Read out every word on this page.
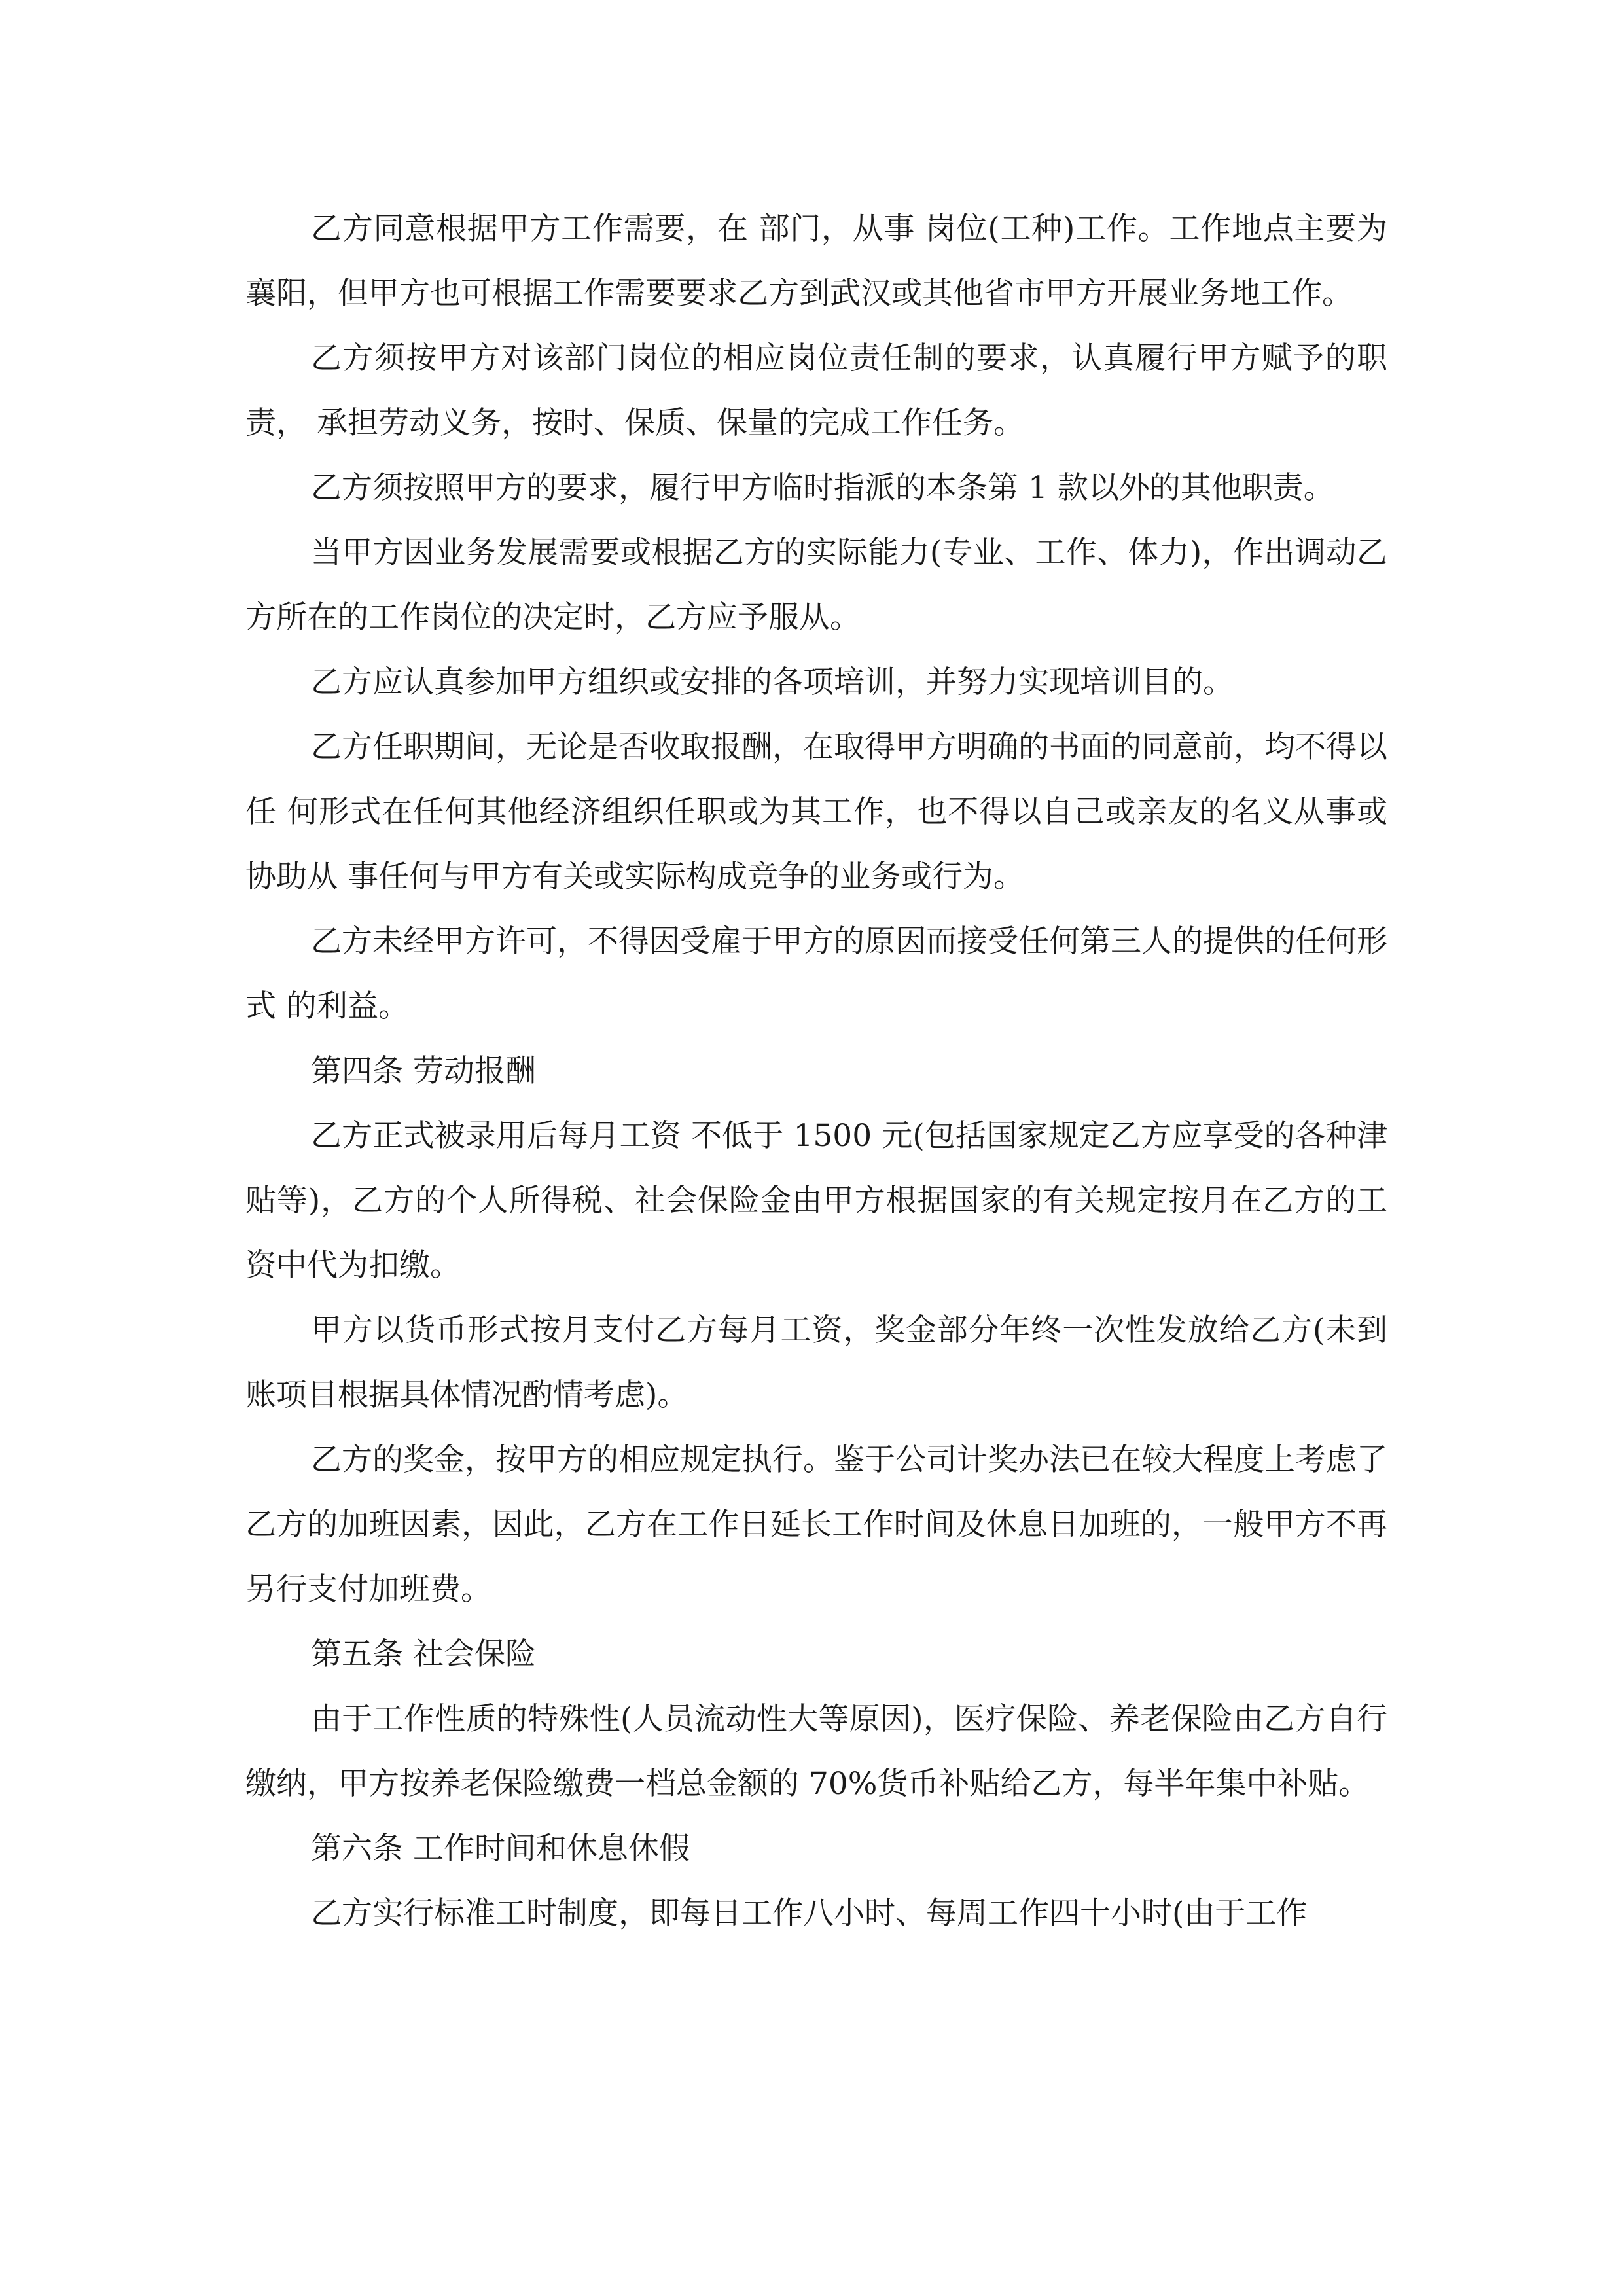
乙方同意根据甲方工作需要，在 部门，从事 岗位(工种)工作。工作地点主要为襄阳，但甲方也可根据工作需要要求乙方到武汉或其他省市甲方开展业务地工作。

乙方须按甲方对该部门岗位的相应岗位责任制的要求，认真履行甲方赋予的职责， 承担劳动义务，按时、保质、保量的完成工作任务。

乙方须按照甲方的要求，履行甲方临时指派的本条第 1 款以外的其他职责。

当甲方因业务发展需要或根据乙方的实际能力(专业、工作、体力)，作出调动乙 方所在的工作岗位的决定时，乙方应予服从。

乙方应认真参加甲方组织或安排的各项培训，并努力实现培训目的。

乙方任职期间，无论是否收取报酬，在取得甲方明确的书面的同意前，均不得以任 何形式在任何其他经济组织任职或为其工作，也不得以自己或亲友的名义从事或协助从 事任何与甲方有关或实际构成竞争的业务或行为。

乙方未经甲方许可，不得因受雇于甲方的原因而接受任何第三人的提供的任何形式 的利益。

第四条 劳动报酬

乙方正式被录用后每月工资 不低于 1500 元(包括国家规定乙方应享受的各种津贴等)，乙方的个人所得税、社会保险金由甲方根据国家的有关规定按月在乙方的工资中代为扣缴。

甲方以货币形式按月支付乙方每月工资，奖金部分年终一次性发放给乙方(未到账项目根据具体情况酌情考虑)。

乙方的奖金，按甲方的相应规定执行。鉴于公司计奖办法已在较大程度上考虑了 乙方的加班因素，因此，乙方在工作日延长工作时间及休息日加班的，一般甲方不再另行支付加班费。

第五条 社会保险

由于工作性质的特殊性(人员流动性大等原因)，医疗保险、养老保险由乙方自行缴纳，甲方按养老保险缴费一档总金额的 70%货币补贴给乙方，每半年集中补贴。

第六条 工作时间和休息休假

乙方实行标准工时制度，即每日工作八小时、每周工作四十小时(由于工作
